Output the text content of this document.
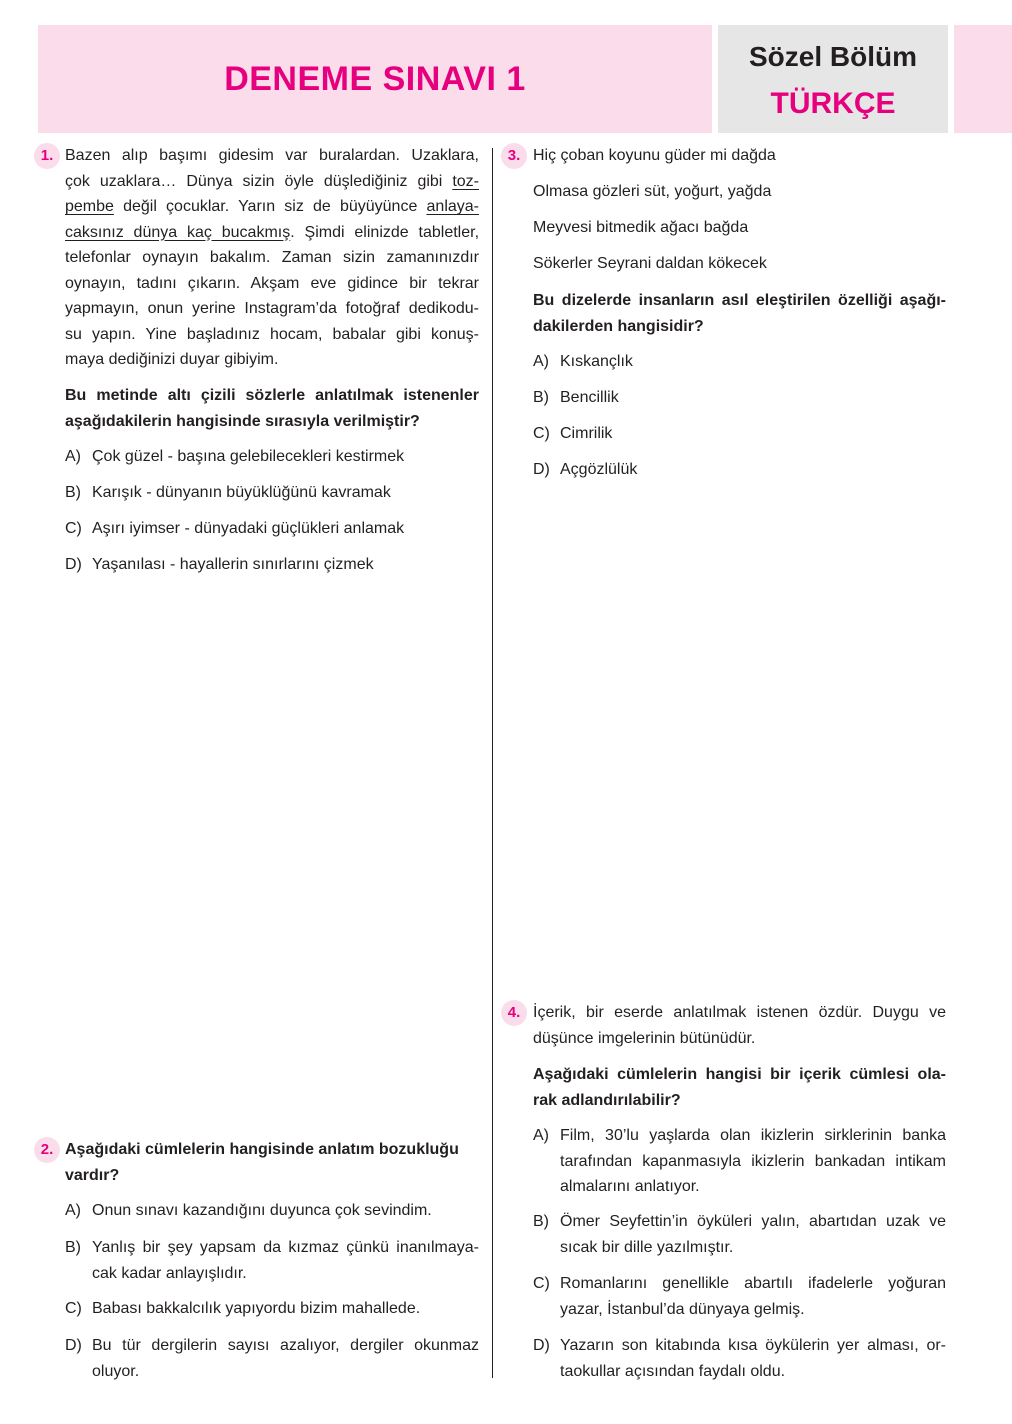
DENEME SINAVI 1
Sözel Bölüm
TÜRKÇE
1. Bazen alıp başımı gidesim var buralardan. Uzaklara,
çok uzaklara… Dünya sizin öyle düşlediğiniz gibi toz-
pembe değil çocuklar. Yarın siz de büyüyünce anlaya-
caksınız dünya kaç bucakmış. Şimdi elinizde tabletler,
telefonlar oynayın bakalım. Zaman sizin zamanınızdır
oynayın, tadını çıkarın. Akşam eve gidince bir tekrar
yapmayın, onun yerine Instagram’da fotoğraf dedikodu-
su yapın. Yine başladınız hocam, babalar gibi konuş-
maya dediğinizi duyar gibiyim.
Bu metinde altı çizili sözlerle anlatılmak istenenler
aşağıdakilerin hangisinde sırasıyla verilmiştir?
A) Çok güzel - başına gelebilecekleri kestirmek
B) Karışık - dünyanın büyüklüğünü kavramak
C) Aşırı iyimser - dünyadaki güçlükleri anlamak
D) Yaşanılası - hayallerin sınırlarını çizmek
2. Aşağıdaki cümlelerin hangisinde anlatım bozukluğu
vardır?
A) Onun sınavı kazandığını duyunca çok sevindim.
B) Yanlış bir şey yapsam da kızmaz çünkü inanılmaya-
cak kadar anlayışlıdır.
C) Babası bakkalcılık yapıyordu bizim mahallede.
D) Bu tür dergilerin sayısı azalıyor, dergiler okunmaz
oluyor.
3. Hiç çoban koyunu güder mi dağda
Olmasa gözleri süt, yoğurt, yağda
Meyvesi bitmedik ağacı bağda
Sökerler Seyrani daldan kökecek
Bu dizelerde insanların asıl eleştirilen özelliği aşağı-
dakilerden hangisidir?
A) Kıskançlık
B) Bencillik
C) Cimrilik
D) Açgözlülük
4. İçerik, bir eserde anlatılmak istenen özdür. Duygu ve
düşünce imgelerinin bütünüdür.
Aşağıdaki cümlelerin hangisi bir içerik cümlesi ola-
rak adlandırılabilir?
A) Film, 30’lu yaşlarda olan ikizlerin sirklerinin banka
tarafından kapanmasıyla ikizlerin bankadan intikam
almalarını anlatıyor.
B) Ömer Seyfettin’in öyküleri yalın, abartıdan uzak ve
sıcak bir dille yazılmıştır.
C) Romanlarını genellikle abartılı ifadelerle yoğuran
yazar, İstanbul’da dünyaya gelmiş.
D) Yazarın son kitabında kısa öykülerin yer alması, or-
taokullar açısından faydalı oldu.
